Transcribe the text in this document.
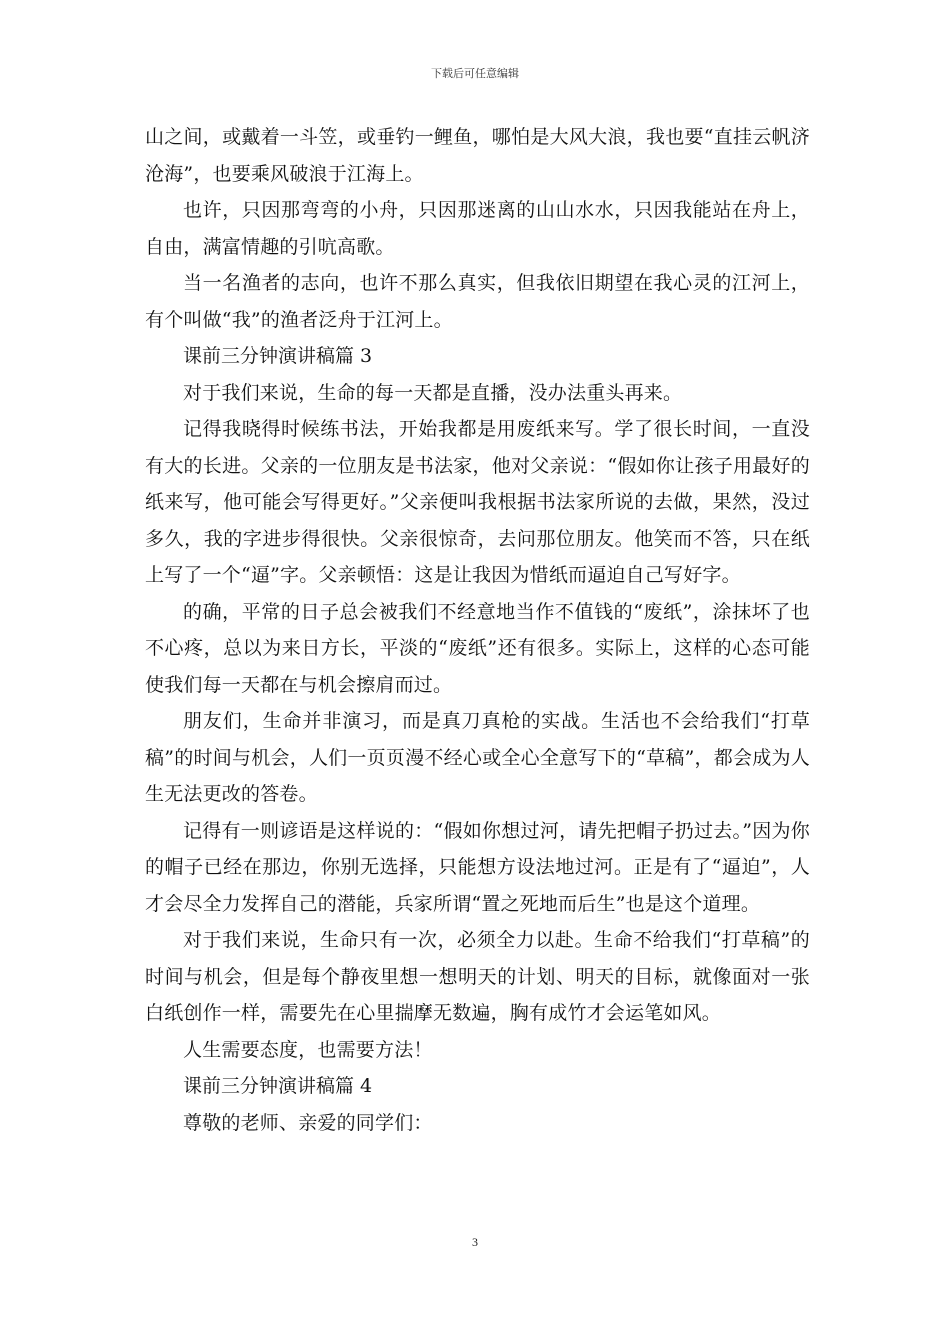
下载后可任意编辑

山之间，或戴着一斗笠，或垂钓一鲤鱼，哪怕是大风大浪，我也要“直挂云帆济沧海”，也要乘风破浪于江海上。

也许，只因那弯弯的小舟，只因那迷离的山山水水，只因我能站在舟上，自由，满富情趣的引吭高歌。

当一名渔者的志向，也许不那么真实，但我依旧期望在我心灵的江河上，有个叫做“我”的渔者泛舟于江河上。

课前三分钟演讲稿篇 3

对于我们来说，生命的每一天都是直播，没办法重头再来。

记得我晓得时候练书法，开始我都是用废纸来写。学了很长时间，一直没有大的长进。父亲的一位朋友是书法家，他对父亲说：“假如你让孩子用最好的纸来写，他可能会写得更好。”父亲便叫我根据书法家所说的去做，果然，没过多久，我的字进步得很快。父亲很惊奇，去问那位朋友。他笑而不答，只在纸上写了一个“逼”字。父亲顿悟：这是让我因为惜纸而逼迫自己写好字。

的确，平常的日子总会被我们不经意地当作不值钱的“废纸”，涂抹坏了也不心疼，总以为来日方长，平淡的“废纸”还有很多。实际上，这样的心态可能使我们每一天都在与机会擦肩而过。

朋友们，生命并非演习，而是真刀真枪的实战。生活也不会给我们“打草稿”的时间与机会，人们一页页漫不经心或全心全意写下的“草稿”，都会成为人生无法更改的答卷。

记得有一则谚语是这样说的：“假如你想过河，请先把帽子扔过去。”因为你的帽子已经在那边，你别无选择，只能想方设法地过河。正是有了“逼迫”，人才会尽全力发挥自己的潜能，兵家所谓“置之死地而后生”也是这个道理。

对于我们来说，生命只有一次，必须全力以赴。生命不给我们“打草稿”的时间与机会，但是每个静夜里想一想明天的计划、明天的目标，就像面对一张白纸创作一样，需要先在心里揣摩无数遍，胸有成竹才会运笔如风。

人生需要态度，也需要方法！

课前三分钟演讲稿篇 4

尊敬的老师、亲爱的同学们：

3
